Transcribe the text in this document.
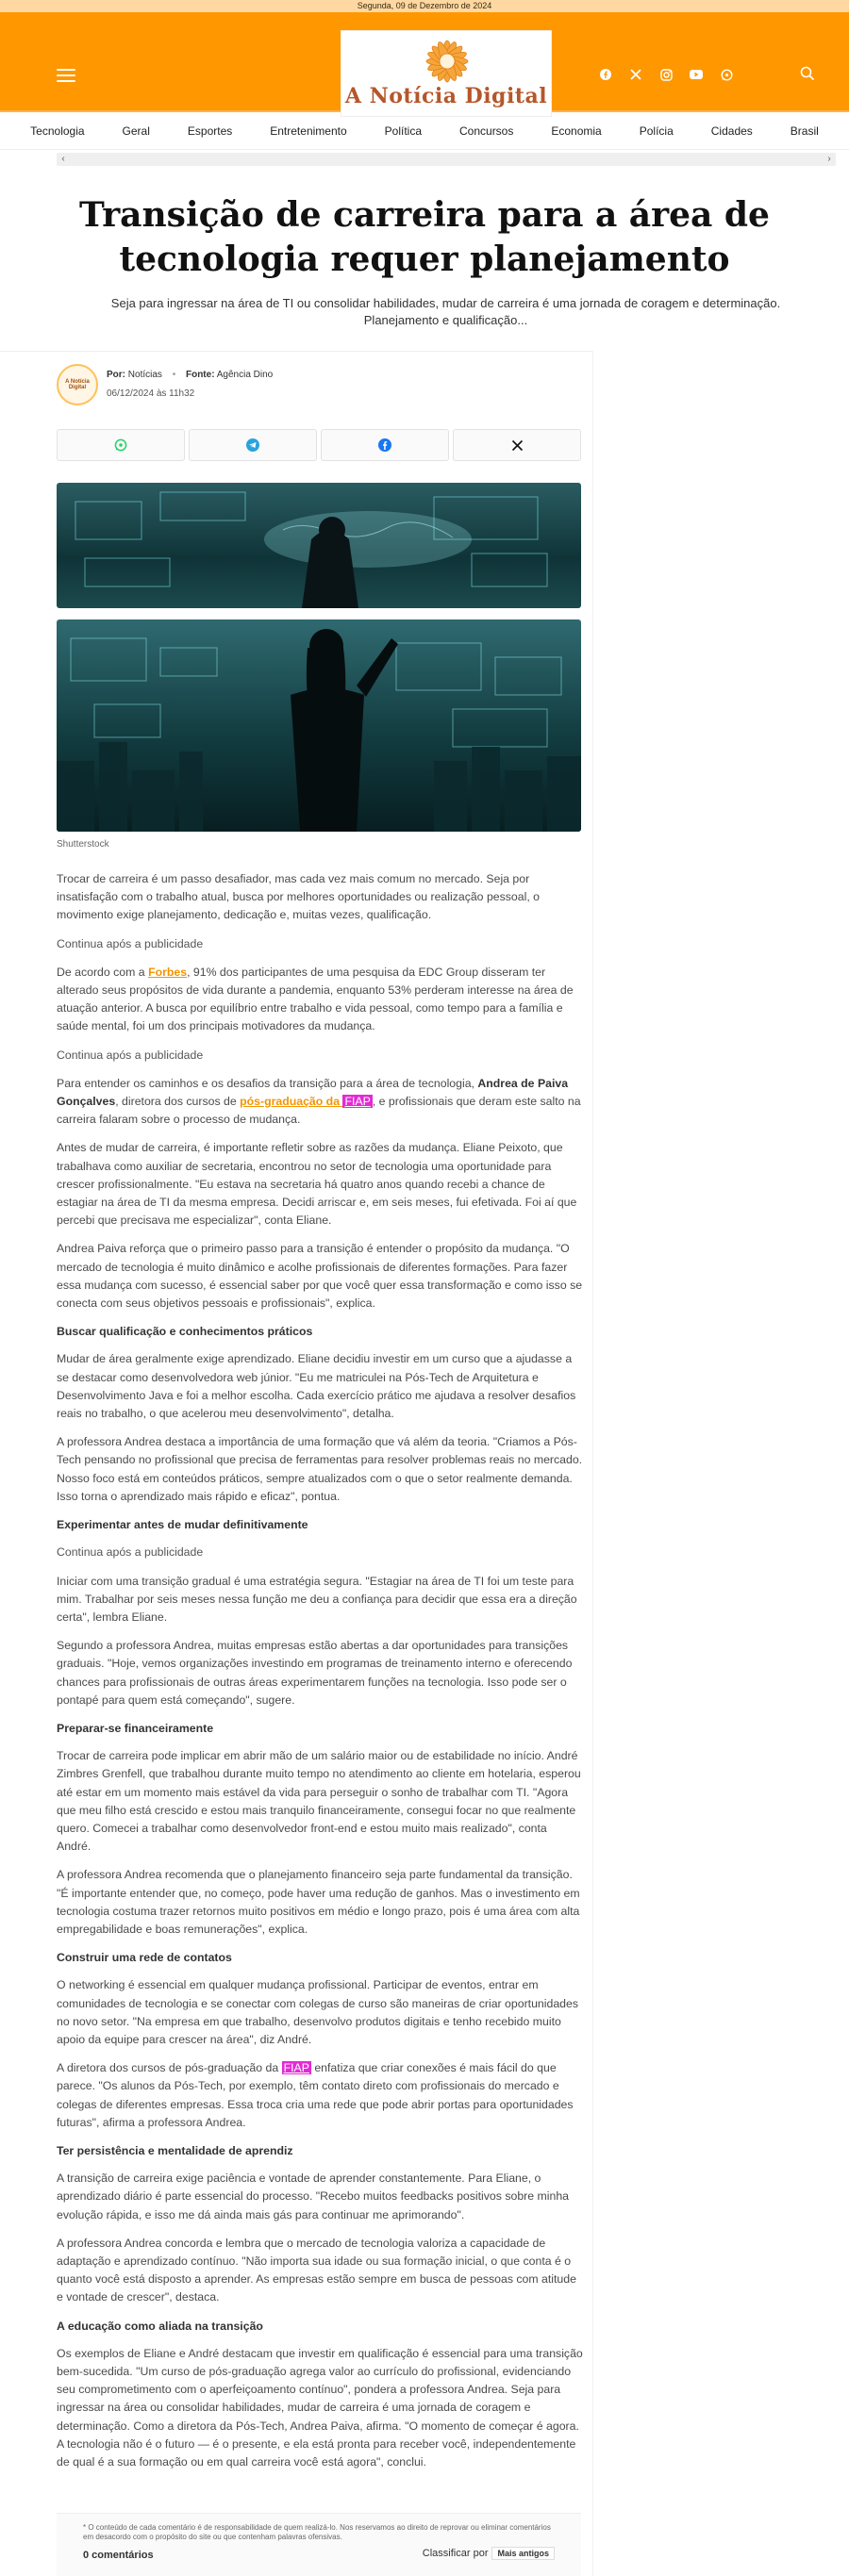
Segunda, 09 de Dezembro de 2024
A Notícia Digital
Tecnologia	Geral	Esportes	Entretenimento	Política	Concursos	Economia	Polícia	Cidades	Brasil
‹	›
Transição de carreira para a área de tecnologia requer planejamento
Seja para ingressar na área de TI ou consolidar habilidades, mudar de carreira é uma jornada de coragem e determinação. Planejamento e qualificação...
A Notícia Digital
Por: Notícias • Fonte: Agência Dino
06/12/2024 às 11h32
Shutterstock

Trocar de carreira é um passo desafiador, mas cada vez mais comum no mercado. Seja por insatisfação com o trabalho atual, busca por melhores oportunidades ou realização pessoal, o movimento exige planejamento, dedicação e, muitas vezes, qualificação.

Continua após a publicidade

De acordo com a Forbes, 91% dos participantes de uma pesquisa da EDC Group disseram ter alterado seus propósitos de vida durante a pandemia, enquanto 53% perderam interesse na área de atuação anterior. A busca por equilíbrio entre trabalho e vida pessoal, como tempo para a família e saúde mental, foi um dos principais motivadores da mudança.

Continua após a publicidade

Para entender os caminhos e os desafios da transição para a área de tecnologia, Andrea de Paiva Gonçalves, diretora dos cursos de pós-graduação da FIAP , e profissionais que deram este salto na carreira falaram sobre o processo de mudança.

Antes de mudar de carreira, é importante refletir sobre as razões da mudança. Eliane Peixoto, que trabalhava como auxiliar de secretaria, encontrou no setor de tecnologia uma oportunidade para crescer profissionalmente. "Eu estava na secretaria há quatro anos quando recebi a chance de estagiar na área de TI da mesma empresa. Decidi arriscar e, em seis meses, fui efetivada. Foi aí que percebi que precisava me especializar", conta Eliane.

Andrea Paiva reforça que o primeiro passo para a transição é entender o propósito da mudança. "O mercado de tecnologia é muito dinâmico e acolhe profissionais de diferentes formações. Para fazer essa mudança com sucesso, é essencial saber por que você quer essa transformação e como isso se conecta com seus objetivos pessoais e profissionais", explica.

Buscar qualificação e conhecimentos práticos

Mudar de área geralmente exige aprendizado. Eliane decidiu investir em um curso que a ajudasse a se destacar como desenvolvedora web júnior. "Eu me matriculei na Pós-Tech de Arquitetura e Desenvolvimento Java e foi a melhor escolha. Cada exercício prático me ajudava a resolver desafios reais no trabalho, o que acelerou meu desenvolvimento", detalha.

A professora Andrea destaca a importância de uma formação que vá além da teoria. "Criamos a Pós-Tech pensando no profissional que precisa de ferramentas para resolver problemas reais no mercado. Nosso foco está em conteúdos práticos, sempre atualizados com o que o setor realmente demanda. Isso torna o aprendizado mais rápido e eficaz", pontua.

Experimentar antes de mudar definitivamente
Continua após a publicidade

Iniciar com uma transição gradual é uma estratégia segura. "Estagiar na área de TI foi um teste para mim. Trabalhar por seis meses nessa função me deu a confiança para decidir que essa era a direção certa", lembra Eliane.

Segundo a professora Andrea, muitas empresas estão abertas a dar oportunidades para transições graduais. "Hoje, vemos organizações investindo em programas de treinamento interno e oferecendo chances para profissionais de outras áreas experimentarem funções na tecnologia. Isso pode ser o pontapé para quem está começando", sugere.

Preparar-se financeiramente

Trocar de carreira pode implicar em abrir mão de um salário maior ou de estabilidade no início. André Zimbres Grenfell, que trabalhou durante muito tempo no atendimento ao cliente em hotelaria, esperou até estar em um momento mais estável da vida para perseguir o sonho de trabalhar com TI. "Agora que meu filho está crescido e estou mais tranquilo financeiramente, consegui focar no que realmente quero. Comecei a trabalhar como desenvolvedor front-end e estou muito mais realizado", conta André.

A professora Andrea recomenda que o planejamento financeiro seja parte fundamental da transição. "É importante entender que, no começo, pode haver uma redução de ganhos. Mas o investimento em tecnologia costuma trazer retornos muito positivos em médio e longo prazo, pois é uma área com alta empregabilidade e boas remunerações", explica.

Construir uma rede de contatos

O networking é essencial em qualquer mudança profissional. Participar de eventos, entrar em comunidades de tecnologia e se conectar com colegas de curso são maneiras de criar oportunidades no novo setor. "Na empresa em que trabalho, desenvolvo produtos digitais e tenho recebido muito apoio da equipe para crescer na área", diz André.

A diretora dos cursos de pós-graduação da FIAP enfatiza que criar conexões é mais fácil do que parece. "Os alunos da Pós-Tech, por exemplo, têm contato direto com profissionais do mercado e colegas de diferentes empresas. Essa troca cria uma rede que pode abrir portas para oportunidades futuras", afirma a professora Andrea.

Ter persistência e mentalidade de aprendiz

A transição de carreira exige paciência e vontade de aprender constantemente. Para Eliane, o aprendizado diário é parte essencial do processo. "Recebo muitos feedbacks positivos sobre minha evolução rápida, e isso me dá ainda mais gás para continuar me aprimorando".

A professora Andrea concorda e lembra que o mercado de tecnologia valoriza a capacidade de adaptação e aprendizado contínuo. "Não importa sua idade ou sua formação inicial, o que conta é o quanto você está disposto a aprender. As empresas estão sempre em busca de pessoas com atitude e vontade de crescer", destaca.

A educação como aliada na transição

Os exemplos de Eliane e André destacam que investir em qualificação é essencial para uma transição bem-sucedida. "Um curso de pós-graduação agrega valor ao currículo do profissional, evidenciando seu comprometimento com o aperfeiçoamento contínuo", pondera a professora Andrea. Seja para ingressar na área ou consolidar habilidades, mudar de carreira é uma jornada de coragem e determinação. Como a diretora da Pós-Tech, Andrea Paiva, afirma. "O momento de começar é agora. A tecnologia não é o futuro — é o presente, e ela está pronta para receber você, independentemente de qual é a sua formação ou em qual carreira você está agora", conclui.

* O conteúdo de cada comentário é de responsabilidade de quem realizá-lo. Nos reservamos ao direito de reprovar ou eliminar comentários em desacordo com o propósito do site ou que contenham palavras ofensivas.
0 comentários	Classificar por Mais antigos
